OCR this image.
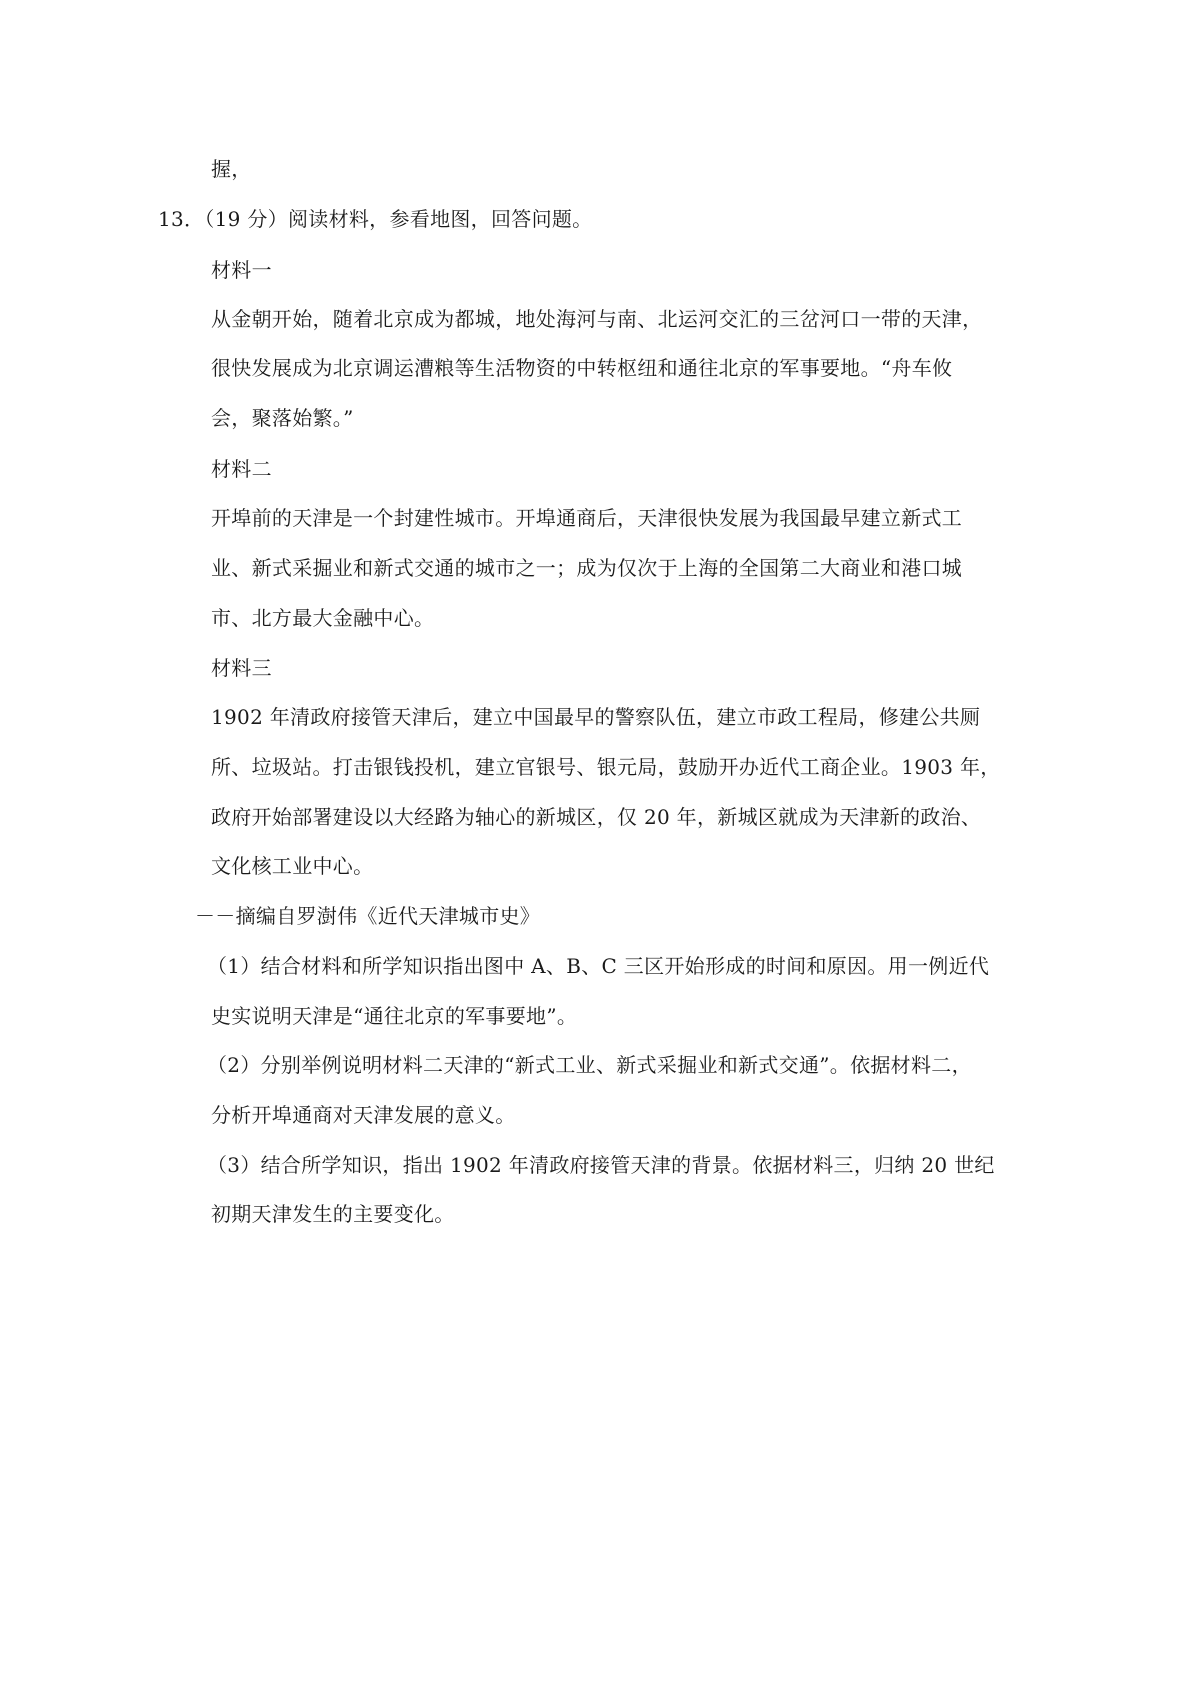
握，
13．（19 分）阅读材料，参看地图，回答问题。
材料一
从金朝开始，随着北京成为都城，地处海河与南、北运河交汇的三岔河口一带的天津，
很快发展成为北京调运漕粮等生活物资的中转枢纽和通往北京的军事要地。“舟车攸
会，聚落始繁。”
材料二
开埠前的天津是一个封建性城市。开埠通商后，天津很快发展为我国最早建立新式工
业、新式采掘业和新式交通的城市之一；成为仅次于上海的全国第二大商业和港口城
市、北方最大金融中心。
材料三
1902 年清政府接管天津后，建立中国最早的警察队伍，建立市政工程局，修建公共厕
所、垃圾站。打击银钱投机，建立官银号、银元局，鼓励开办近代工商企业。1903 年，
政府开始部署建设以大经路为轴心的新城区，仅 20 年，新城区就成为天津新的政治、
文化核工业中心。
－－摘编自罗澍伟《近代天津城市史》
（1）结合材料和所学知识指出图中 A、B、C 三区开始形成的时间和原因。用一例近代
史实说明天津是“通往北京的军事要地”。
（2）分别举例说明材料二天津的“新式工业、新式采掘业和新式交通”。依据材料二，
分析开埠通商对天津发展的意义。
（3）结合所学知识，指出 1902 年清政府接管天津的背景。依据材料三，归纳 20 世纪
初期天津发生的主要变化。
